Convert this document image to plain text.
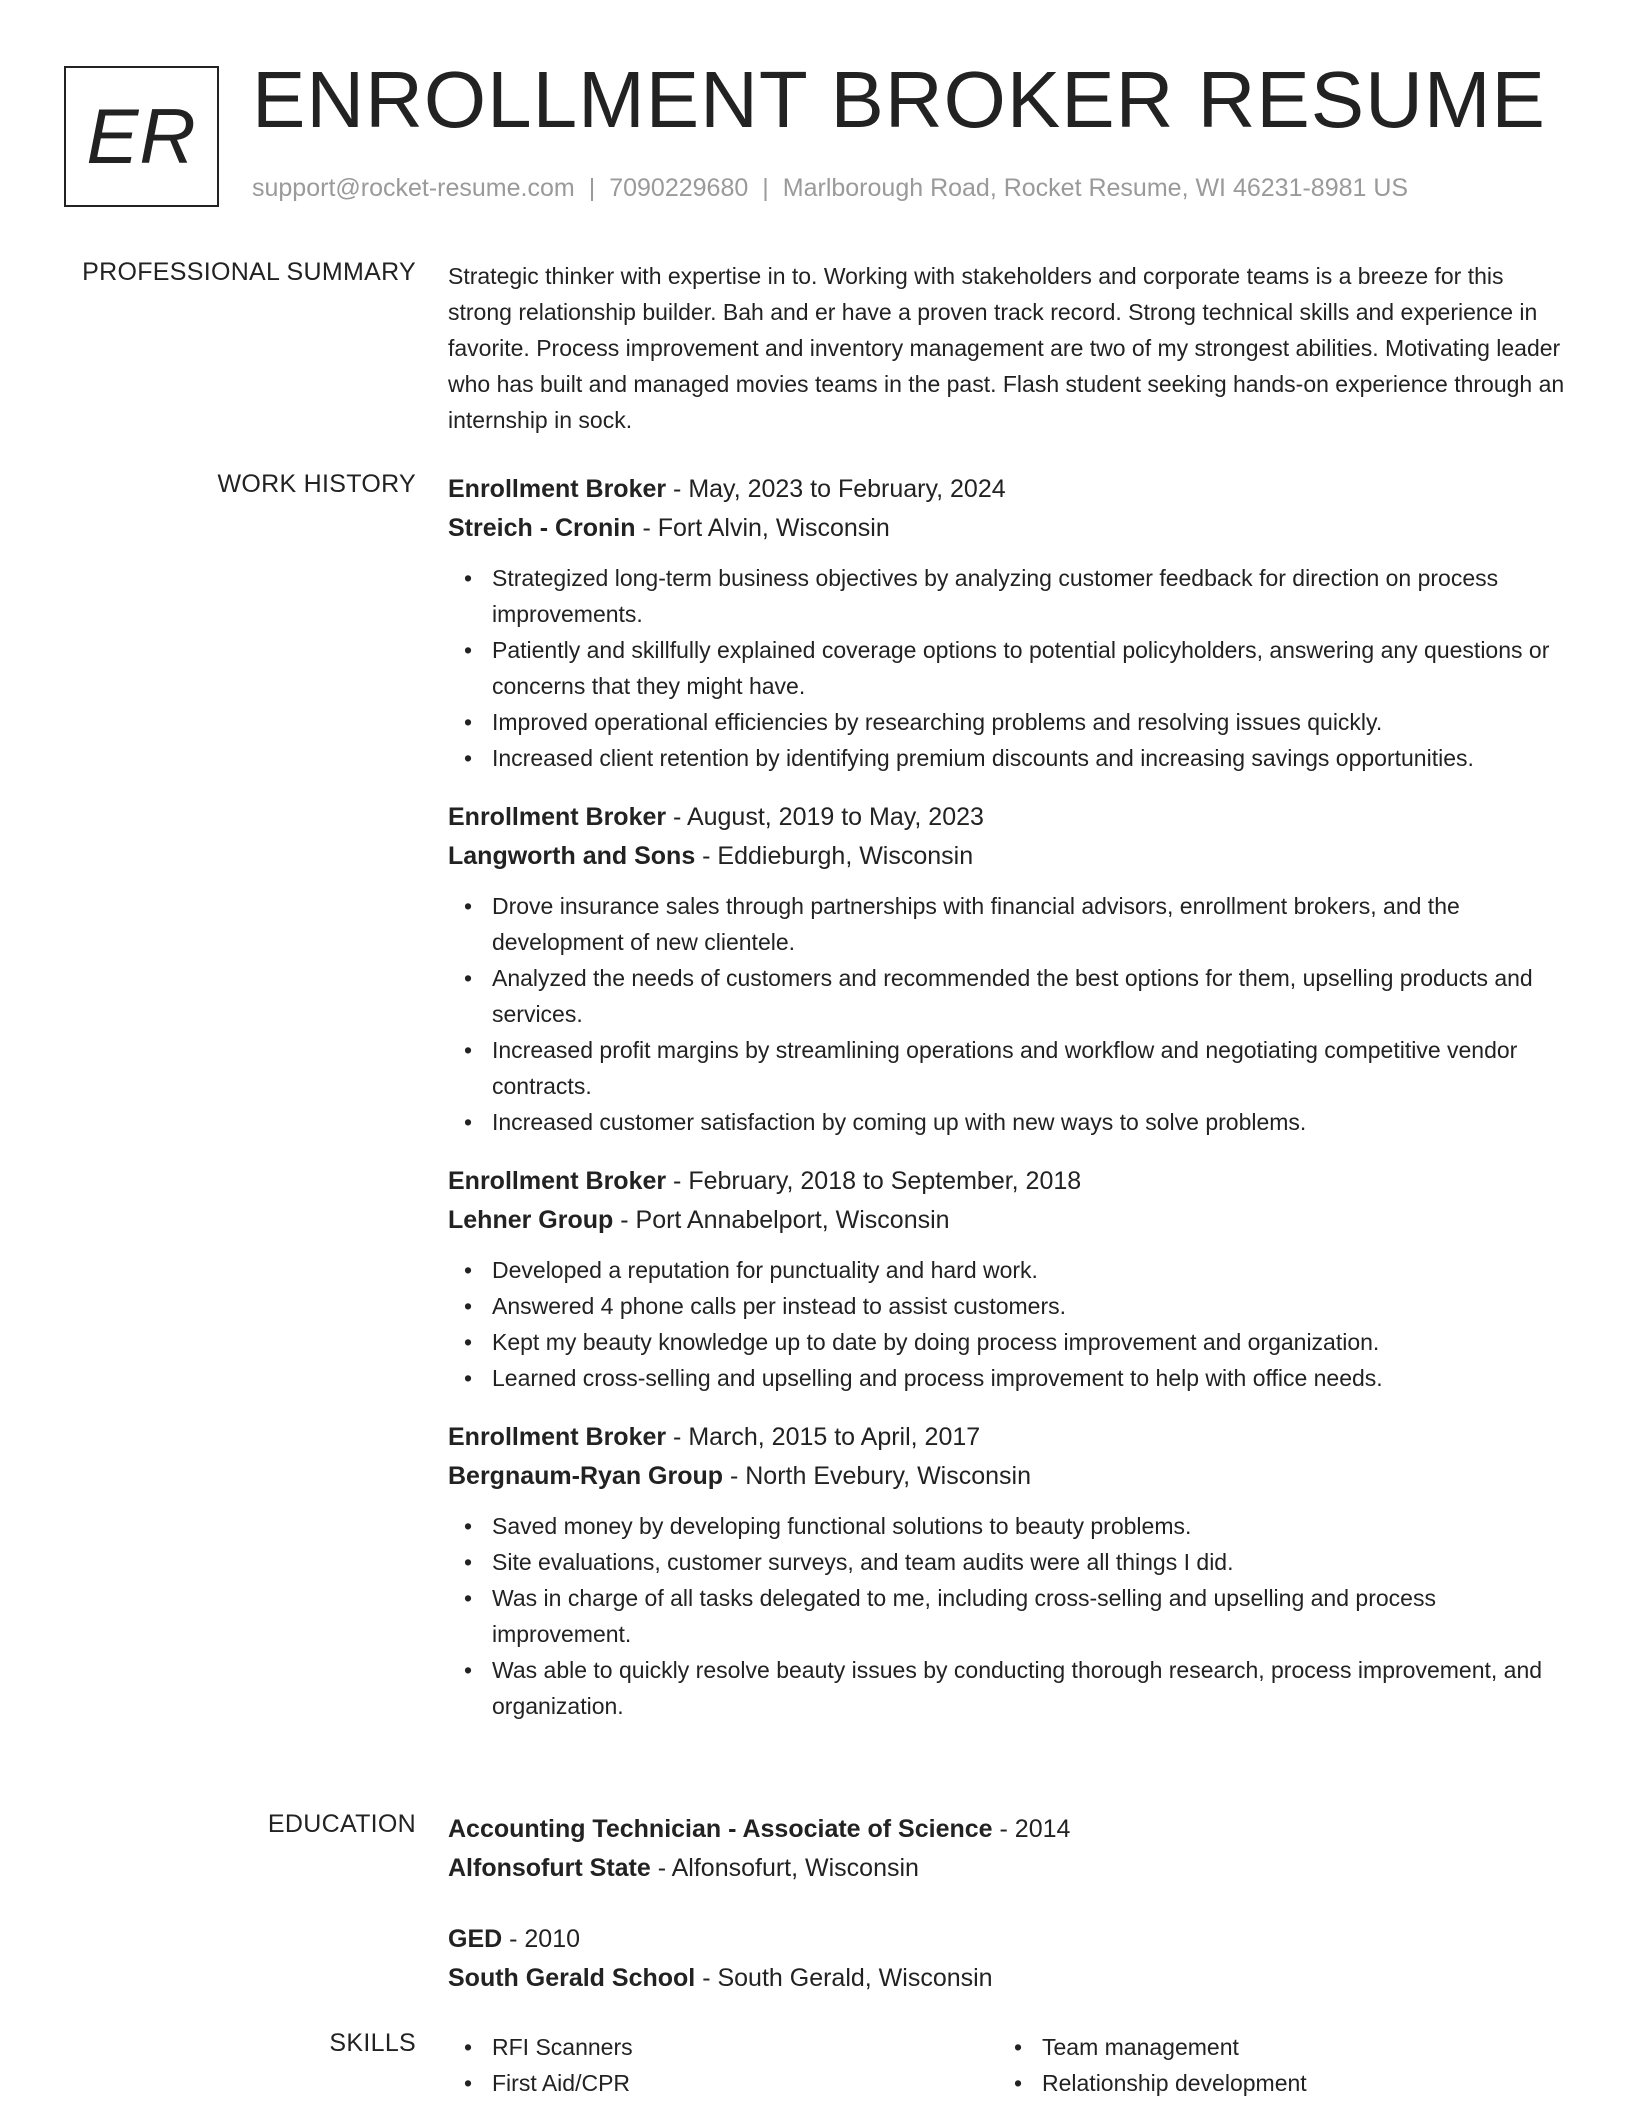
ER ENROLLMENT BROKER RESUME
support@rocket-resume.com | 7090229680 | Marlborough Road, Rocket Resume, WI 46231-8981 US
PROFESSIONAL SUMMARY Strategic thinker with expertise in to. Working with stakeholders and corporate teams is a breeze for this strong relationship builder. Bah and er have a proven track record. Strong technical skills and experience in favorite. Process improvement and inventory management are two of my strongest abilities. Motivating leader who has built and managed movies teams in the past. Flash student seeking hands-on experience through an internship in sock.

WORK HISTORY Enrollment Broker - May, 2023 to February, 2024
Streich - Cronin - Fort Alvin, Wisconsin
• Strategized long-term business objectives by analyzing customer feedback for direction on process improvements.
• Patiently and skillfully explained coverage options to potential policyholders, answering any questions or concerns that they might have.
• Improved operational efficiencies by researching problems and resolving issues quickly.
• Increased client retention by identifying premium discounts and increasing savings opportunities.
Enrollment Broker - August, 2019 to May, 2023
Langworth and Sons - Eddieburgh, Wisconsin
• Drove insurance sales through partnerships with financial advisors, enrollment brokers, and the development of new clientele.
• Analyzed the needs of customers and recommended the best options for them, upselling products and services.
• Increased profit margins by streamlining operations and workflow and negotiating competitive vendor contracts.
• Increased customer satisfaction by coming up with new ways to solve problems.
Enrollment Broker - February, 2018 to September, 2018
Lehner Group - Port Annabelport, Wisconsin
• Developed a reputation for punctuality and hard work.
• Answered 4 phone calls per instead to assist customers.
• Kept my beauty knowledge up to date by doing process improvement and organization.
• Learned cross-selling and upselling and process improvement to help with office needs.
Enrollment Broker - March, 2015 to April, 2017
Bergnaum-Ryan Group - North Evebury, Wisconsin
• Saved money by developing functional solutions to beauty problems.
• Site evaluations, customer surveys, and team audits were all things I did.
• Was in charge of all tasks delegated to me, including cross-selling and upselling and process improvement.
• Was able to quickly resolve beauty issues by conducting thorough research, process improvement, and organization.
EDUCATION Accounting Technician - Associate of Science - 2014
Alfonsofurt State - Alfonsofurt, Wisconsin
GED - 2010
South Gerald School - South Gerald, Wisconsin
SKILLS • RFI Scanners
• First Aid/CPR
• Team management
• Relationship development
